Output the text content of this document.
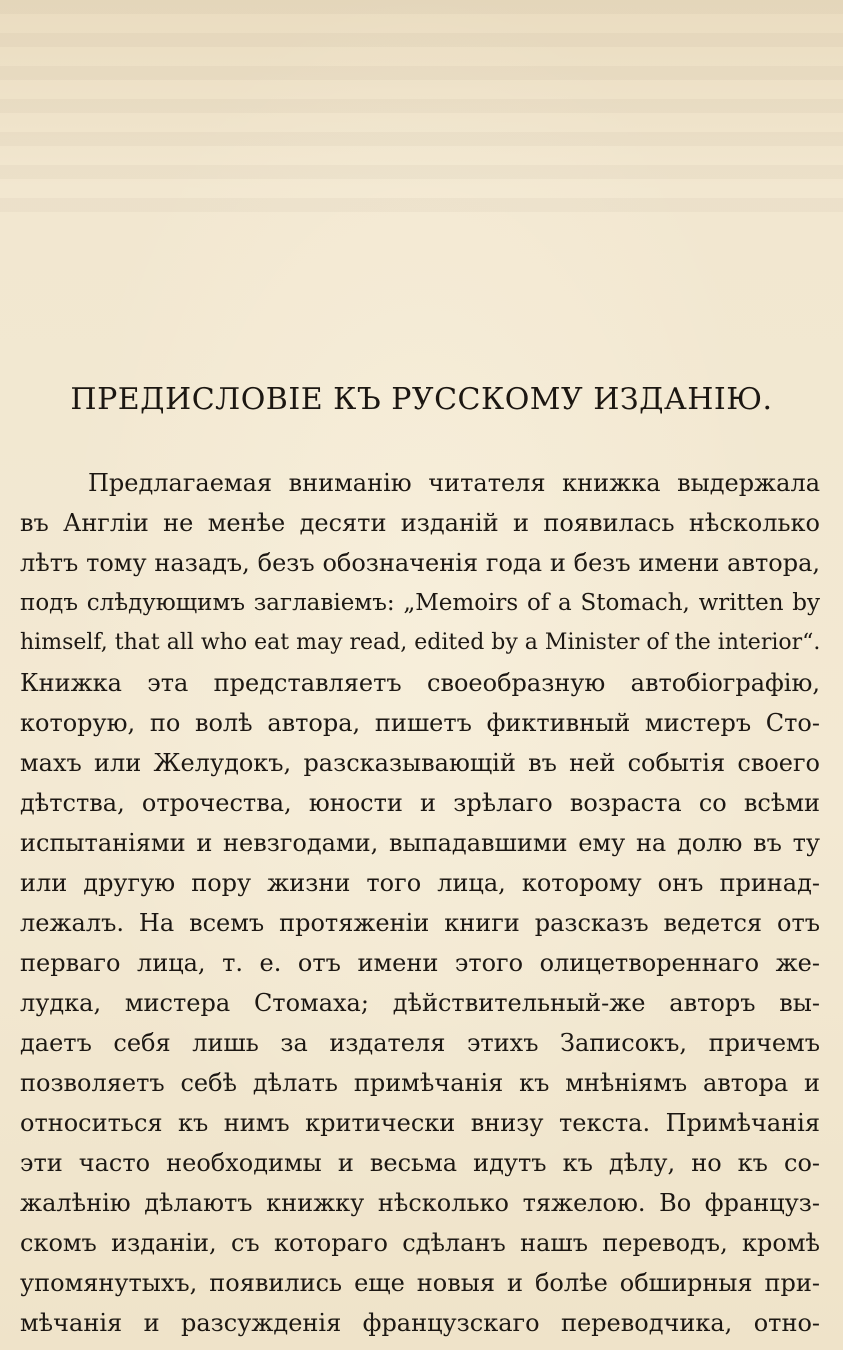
ПРЕДИСЛОВІЕ КЪ РУССКОМУ ИЗДАНІЮ.
Предлагаемая вниманію читателя книжка выдержала
въ Англіи не менѣе десяти изданій и появилась нѣсколько
лѣтъ тому назадъ, безъ обозначенія года и безъ имени автора,
подъ слѣдующимъ заглавіемъ: „Memoirs of a Stomach, written by
himself, that all who eat may read, edited by a Minister of the interior“.
Книжка эта представляетъ своеобразную автобіографію,
которую, по волѣ автора, пишетъ фиктивный мистеръ Сто-
махъ или Желудокъ, разсказывающій въ ней событія своего
дѣтства, отрочества, юности и зрѣлаго возраста со всѣми
испытаніями и невзгодами, выпадавшими ему на долю въ ту
или другую пору жизни того лица, которому онъ принад-
лежалъ. На всемъ протяженіи книги разсказъ ведется отъ
перваго лица, т. е. отъ имени этого олицетвореннаго же-
лудка, мистера Стомаха; дѣйствительный-же авторъ вы-
даетъ себя лишь за издателя этихъ Записокъ, причемъ
позволяетъ себѣ дѣлать примѣчанія къ мнѣніямъ автора и
относиться къ нимъ критически внизу текста. Примѣчанія
эти часто необходимы и весьма идутъ къ дѣлу, но къ со-
жалѣнію дѣлаютъ книжку нѣсколько тяжелою. Во француз-
скомъ изданіи, съ котораго сдѣланъ нашъ переводъ, кромѣ
упомянутыхъ, появились еще новыя и болѣе обширныя при-
мѣчанія и разсужденія французскаго переводчика, отно-
